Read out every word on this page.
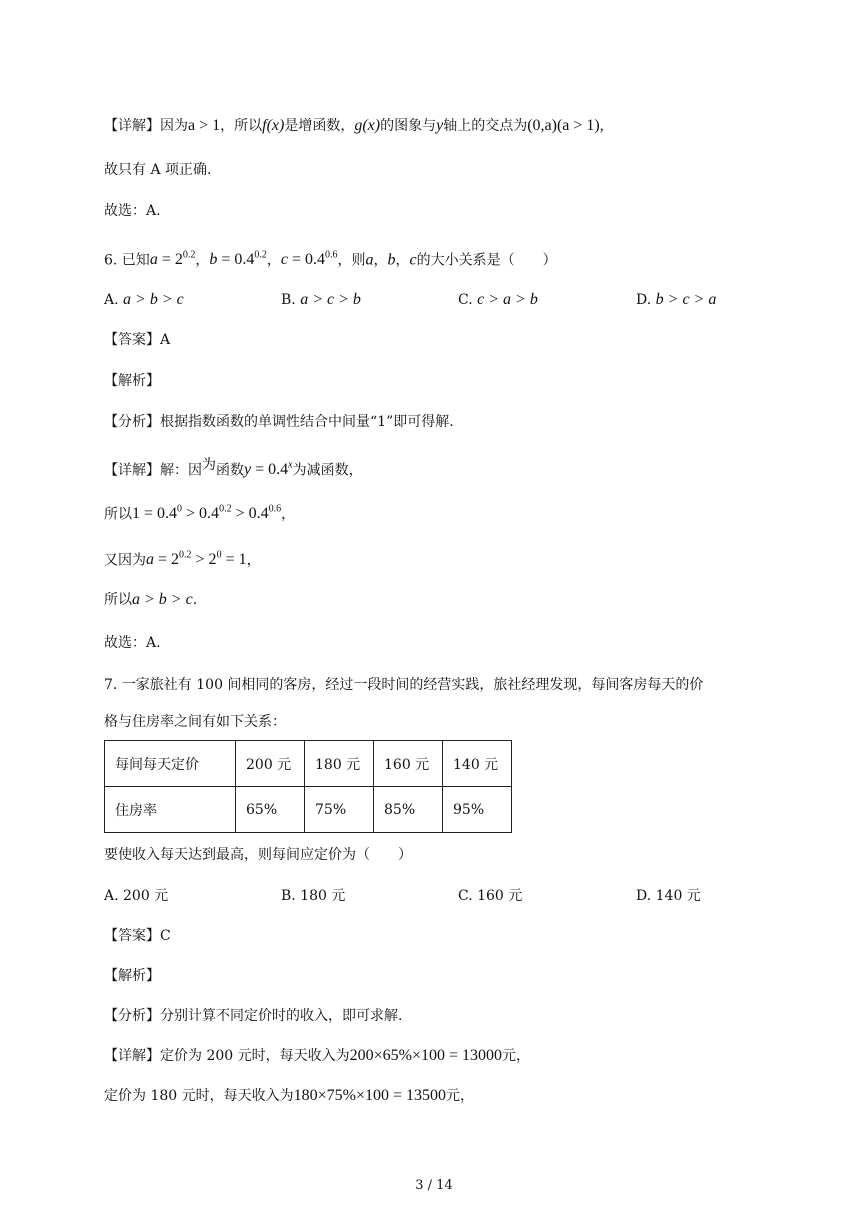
【详解】因为a > 1，所以f(x)是增函数，g(x)的图象与y轴上的交点为(0,a)(a > 1),
故只有 A 项正确.
故选：A.
6. 已知$a = 2^{0.2}$，$b = 0.4^{0.2}$，$c = 0.4^{0.6}$，则a，b，c的大小关系是（　　）
A. a > b > c	B. a > c > b	C. c > a > b	D. b > c > a
【答案】A
【解析】
【分析】根据指数函数的单调性结合中间量“1”即可得解.
【详解】解：因为函数$y = 0.4^x$为减函数，
所以$1 = 0.4^0 > 0.4^{0.2} > 0.4^{0.6}$，
又因为$a = 2^{0.2} > 2^0 = 1$，
所以a > b > c.
故选：A.
7. 一家旅社有 100 间相同的客房，经过一段时间的经营实践，旅社经理发现，每间客房每天的价
格与住房率之间有如下关系：
每间每天定价	200 元	180 元	160 元	140 元
住房率	65%	75%	85%	95%
要使收入每天达到最高，则每间应定价为（　　）
A. 200 元	B. 180 元	C. 160 元	D. 140 元
【答案】C
【解析】
【分析】分别计算不同定价时的收入，即可求解.
【详解】定价为 200 元时，每天收入为200×65%×100 = 13000元，
定价为 180 元时，每天收入为180×75%×100 = 13500元，
3 / 14
